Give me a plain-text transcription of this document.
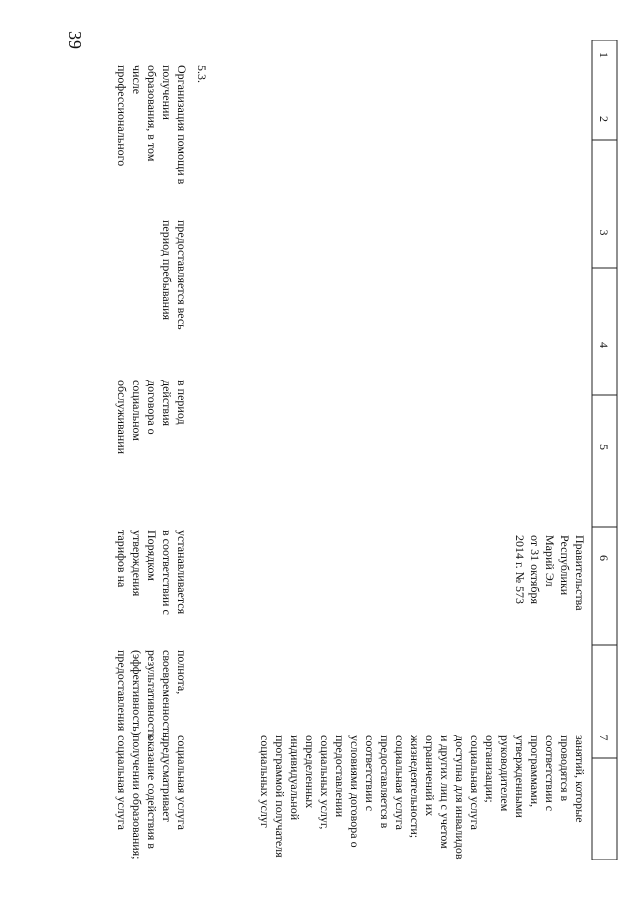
39
1
2
3
4
5
6
7
Правительства
Республики
Марий Эл
от 31 октября
2014 г. № 573
занятий, которые
проводятся в
соответствии с
программами,
утвержденными
руководителем
организации;
социальная услуга
доступна для инвалидов
и других лиц с учетом
ограничений их
жизнедеятельности;
социальная услуга
предоставляется в
соответствии с
условиями договора о
предоставлении
социальных услуг,
определенных
индивидуальной
программой получателя
социальных услуг
5.3.
Организация помощи в
получении
образования, в том
числе
профессионального
предоставляется весь
период пребывания
в период
действия
договора о
социальном
обслуживании
устанавливается
в соответствии с
Порядком
утверждения
тарифов на
полнота,
своевременность,
результативность
(эффективность)
предоставления
социальная услуга
предусматривает
оказание содействия в
получении образования;
социальная услуга
